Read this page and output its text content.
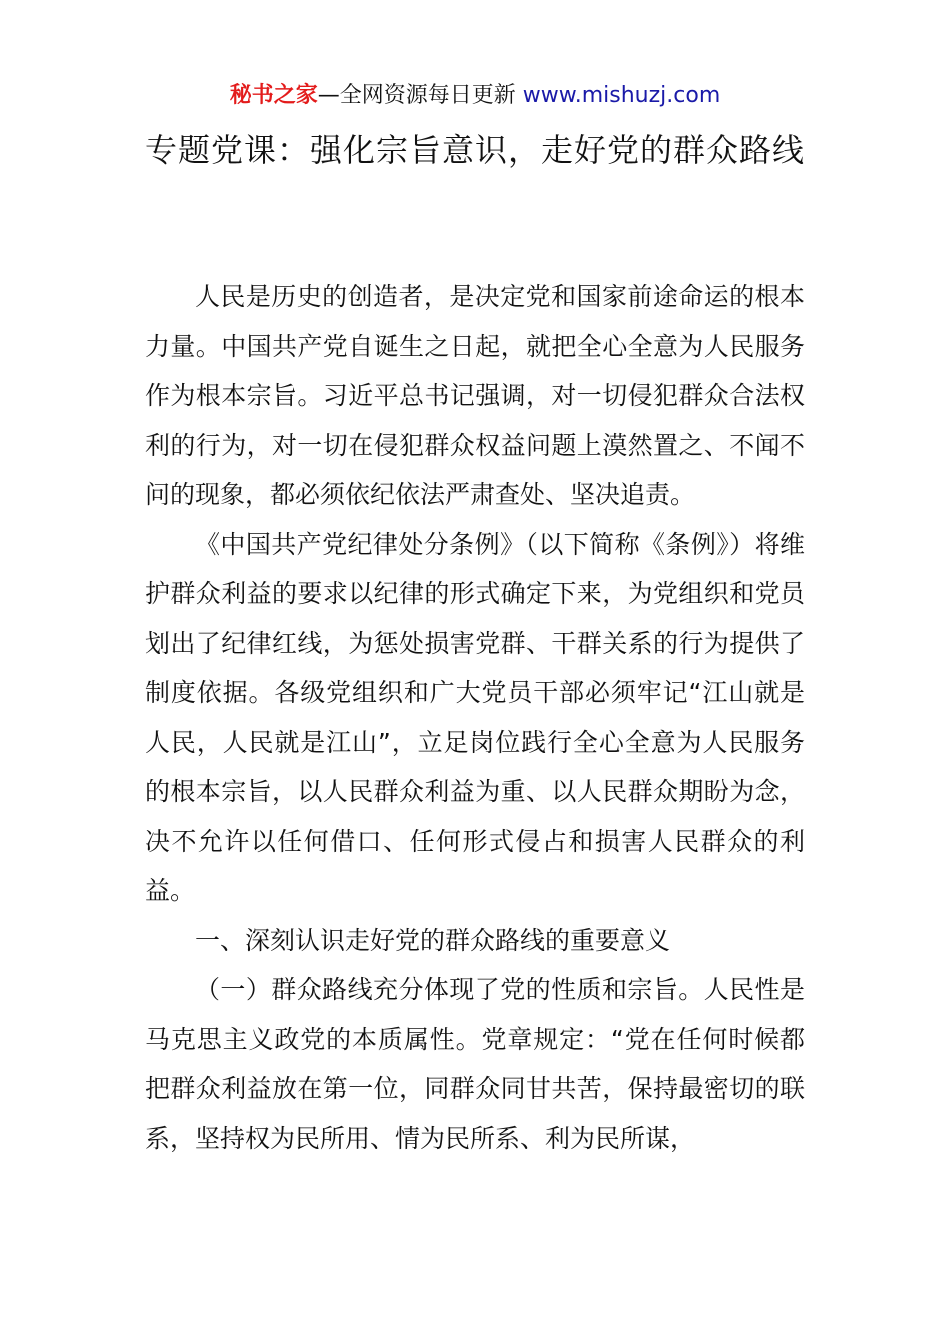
秘书之家—全网资源每日更新 www.mishuzj.com
专题党课：强化宗旨意识，走好党的群众路线

人民是历史的创造者，是决定党和国家前途命运的根本力量。中国共产党自诞生之日起，就把全心全意为人民服务作为根本宗旨。习近平总书记强调，对一切侵犯群众合法权利的行为，对一切在侵犯群众权益问题上漠然置之、不闻不问的现象，都必须依纪依法严肃查处、坚决追责。

《中国共产党纪律处分条例》（以下简称《条例》）将维护群众利益的要求以纪律的形式确定下来，为党组织和党员划出了纪律红线，为惩处损害党群、干群关系的行为提供了制度依据。各级党组织和广大党员干部必须牢记“江山就是人民，人民就是江山”，立足岗位践行全心全意为人民服务的根本宗旨，以人民群众利益为重、以人民群众期盼为念，决不允许以任何借口、任何形式侵占和损害人民群众的利益。

一、深刻认识走好党的群众路线的重要意义

（一）群众路线充分体现了党的性质和宗旨。人民性是马克思主义政党的本质属性。党章规定：“党在任何时候都把群众利益放在第一位，同群众同甘共苦，保持最密切的联系，坚持权为民所用、情为民所系、利为民所谋，
